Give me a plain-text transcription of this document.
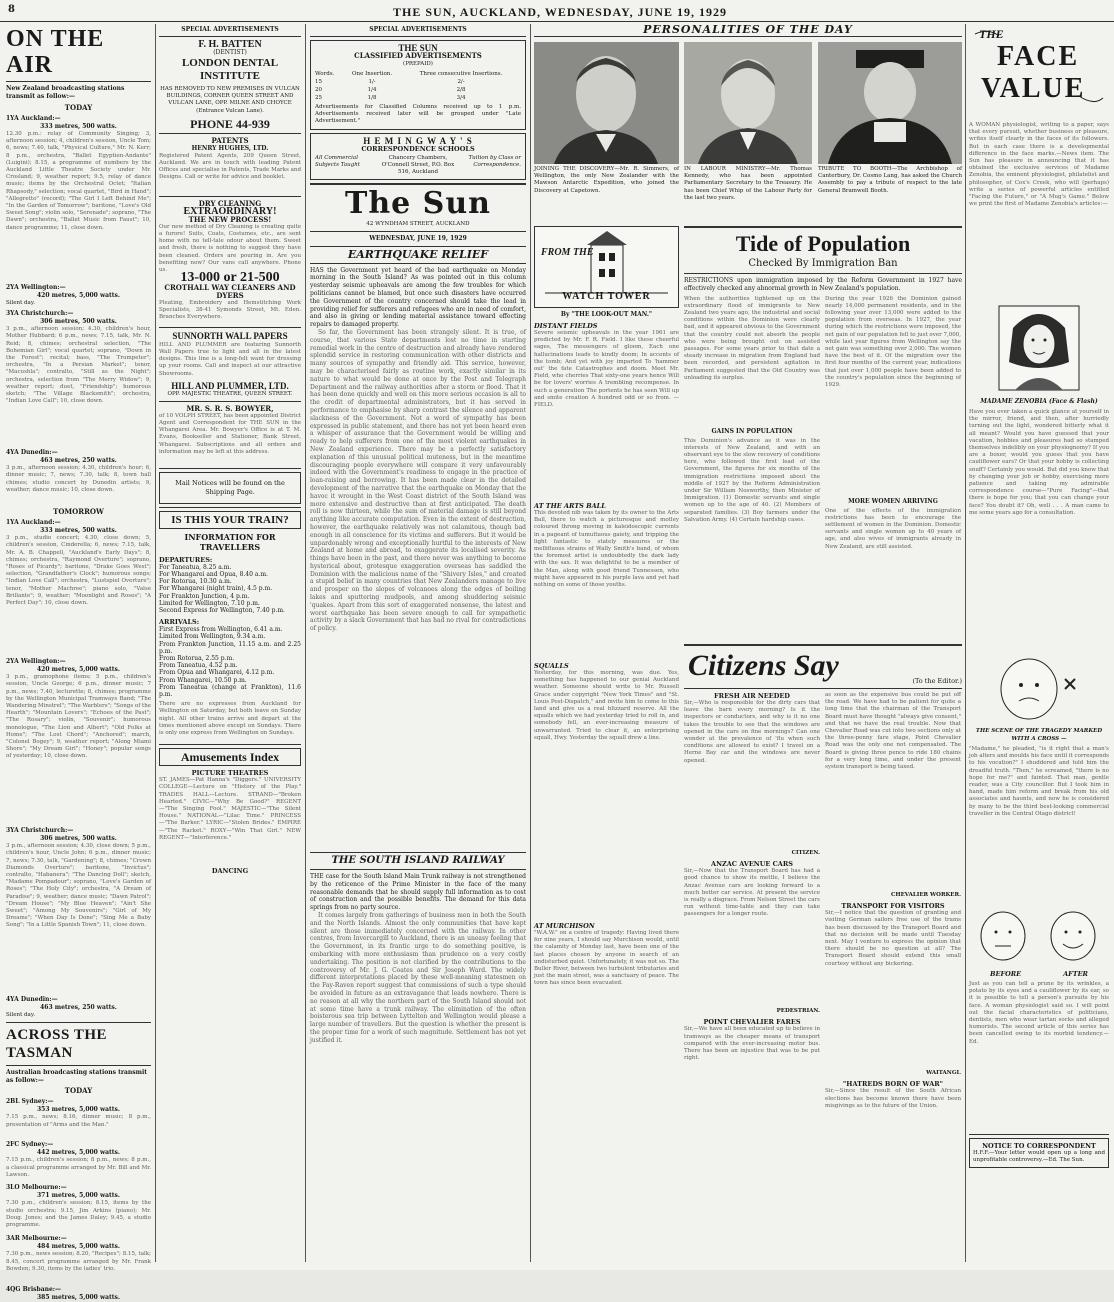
8	THE SUN, AUCKLAND, WEDNESDAY, JUNE 19, 1929
ON THE AIR
New Zealand broadcasting stations transmit as follow:—
TODAY
1YA Auckland:—
333 metres, 500 watts.
12.30 p.m.: relay of Community Singing; 3, afternoon session; 4, children's session, Uncle Tom; 6, news; 7.40, talk, "Physical Culture," Mr. N. Kerr; 8 p.m., orchestra, "Ballet Egyptien-Andante" (Luigini); 8.15, a programme of numbers by the Auckland Little Theatre Society under Mr. Crosland; 9, weather report; 9.5, relay of dance music; items by the Orchestral Octet; "Italian Rhapsody," selection; vocal quartet, "Bird in Hand"; "Allegretto" (record); "The Girl I Left Behind Me"; "In the Garden of Tomorrow"; baritone, "Love's Old Sweet Song"; violin solo, "Serenade"; soprano, "The Dawn"; orchestra, "Ballet Music from Faust"; 10, dance programme; 11, close down.
2YA Wellington:—
420 metres, 5,000 watts.
Silent day.
3YA Christchurch:—
306 metres, 500 watts.
3 p.m., afternoon session; 4.30, children's hour, Mother Hubbard; 6 p.m., news; 7.15, talk, Mr. N. Reid; 8, chimes; orchestral selection, "The Bohemian Girl"; vocal quartet; soprano, "Down in the Forest"; recital; bass, "The Trumpeter"; orchestra, "In a Persian Market"; tenor, "Macushla"; contralto, "Still as the Night"; orchestra, selection from "The Merry Widow"; 9, weather report; duet, "Friendship"; humorous sketch; "The Village Blacksmith"; orchestra, "Indian Love Call"; 10, close down.
4YA Dunedin:—
463 metres, 250 watts.
3 p.m., afternoon session; 4.30, children's hour; 6, dinner music; 7, news; 7.30, talk; 8, town hall chimes; studio concert by Dunedin artists; 9, weather; dance music; 10, close down.
TOMORROW
1YA Auckland:—
333 metres, 500 watts.
3 p.m., studio concert; 4.30, close down; 5, children's session, Cinderella; 6, news; 7.15, talk, Mr. A. B. Chappell, "Auckland's Early Days"; 8, chimes; orchestra, "Raymond Overture"; soprano, "Roses of Picardy"; baritone, "Drake Goes West"; selection, "Grandfather's Clock"; humorous songs; "Indian Love Call"; orchestra, "Lustspiel Overture"; tenor, "Mother Machree"; piano solo, "Valse Brillante"; 9, weather; "Moonlight and Roses"; "A Perfect Day"; 10, close down.
2YA Wellington:—
420 metres, 5,000 watts.
3 p.m., gramophone items; 5 p.m., children's session, Uncle George; 6 p.m., dinner music; 7 p.m., news; 7.40, lecturette; 8, chimes; programme by the Wellington Municipal Tramways Band; "The Wandering Minstrel"; "The Warblers"; "Songs of the Hearth"; "Mountain Lovers"; "Echoes of the Past"; "The Rosary"; violin, "Souvenir"; humorous monologue, "The Lion and Albert"; "Old Folks at Home"; "The Lost Chord"; "Anchored"; march, "Colonel Bogey"; 9, weather report; "Along Miami Shore"; "My Dream Girl"; "Honey"; popular songs of yesterday; 10, close down.
3YA Christchurch:—
306 metres, 500 watts.
3 p.m., afternoon session; 4.30, close down; 5 p.m., children's hour, Uncle John; 6 p.m., dinner music; 7, news; 7.30, talk, "Gardening"; 8, chimes; "Crown Diamonds Overture"; baritone, "Invictus"; contralto, "Habanera"; "The Dancing Doll"; sketch, "Madame Pompadour"; soprano, "Love's Garden of Roses"; "The Holy City"; orchestra, "A Dream of Paradise"; 9, weather; dance music; "Dawn Patrol"; "Dream House"; "My Blue Heaven"; "Ain't She Sweet"; "Among My Souvenirs"; "Girl of My Dreams"; "When Day Is Done"; "Sing Me a Baby Song"; "In a Little Spanish Town"; 11, close down.
4YA Dunedin:—
463 metres, 250 watts.
Silent day.
ACROSS THE TASMAN
Australian broadcasting stations transmit as follow:—
TODAY
2BL Sydney:—
353 metres, 5,000 watts.
7.15 p.m., news; 8.16, dinner music; 8 p.m., presentation of "Arms and the Man."
2FC Sydney:—
442 metres, 5,000 watts.
7.15 p.m., children's session; 8 p.m., news; 8 p.m., a classical programme arranged by Mr. Bill and Mr. Lawson.
3LO Melbourne:—
371 metres, 5,000 watts.
7.30 p.m., children's session; 8.15, items by the studio orchestra; 9.15, Jim Arkins (piano); Mr. Doug. Jones; and the James Daley; 9.45, a studio programme.
3AR Melbourne:—
484 metres, 5,000 watts.
7.30 p.m., news session; 8.20, "Recipes"; 8.15, talk; 8.45, concert programme arranged by Mr. Frank Bowden; 9.30, items by the ladies' trio.
4QG Brisbane:—
385 metres, 5,000 watts.
SPECIAL ADVERTISEMENTS
F. H. BATTEN
(DENTIST)
LONDON DENTAL INSTITUTE
HAS REMOVED TO NEW PREMISES IN VULCAN BUILDINGS, CORNER QUEEN STREET AND VULCAN LANE, OPP. MILNE AND CHOYCE (Entrance Vulcan Lane).
PHONE 44-939
PATENTS
HENRY HUGHES, LTD.
Registered Patent Agents, 209 Queen Street, Auckland. We are in touch with leading Patent Offices and specialise in Patents, Trade Marks and Designs. Call or write for advice and booklet.
DRY CLEANING
EXTRAORDINARY!
THE NEW PROCESS!
Our new method of Dry Cleaning is creating quite a furore! Suits, Coats, Costumes, etc., are sent home with no tell-tale odour about them. Sweet and fresh, there is nothing to suggest they have been cleaned. Orders are pouring in. Are you benefiting now? Our vans call anywhere. Phone us. 13-000 or 21-500
CROTHALL WAY CLEANERS AND DYERS
Pleating, Embroidery and Hemstitching Work Specialists, 38-41 Symonds Street, Mt. Eden. Branches Everywhere.
SUNNORTH WALL PAPERS
HILL AND PLUMMER are featuring Sunnorth Wall Papers true to light and all in the latest designs. This line is a long-felt want for dressing up your rooms. Call and inspect at our attractive Showrooms.
HILL AND PLUMMER, LTD.
OPP. MAJESTIC THEATRE, QUEEN STREET.
MR. S. R. S. BOWYER,
of 10 VOLPH STREET, has been appointed District Agent and Correspondent for THE SUN in the Whangarei Area. Mr. Bowyer's Office is at T. M. Evans, Bookseller and Stationer, Bank Street, Whangarei. Subscriptions and all orders and information may be left at this address.
Mail Notices will be found on the Shipping Page.
IS THIS YOUR TRAIN?
INFORMATION FOR TRAVELLERS
DEPARTURES:
For Taneatua, 8.25 a.m.
For Whangarei and Opua, 8.40 a.m.
For Rotorua, 10.30 a.m.
For Whangarei (night train), 4.5 p.m.
For Frankton Junction, 4 p.m.
Limited for Wellington, 7.10 p.m.
Second Express for Wellington, 7.40 p.m.
ARRIVALS:
First Express from Wellington, 6.41 a.m.
Limited from Wellington, 9.34 a.m.
From Frankton Junction, 11.15 a.m. and 2.25 p.m.
From Rotorua, 2.55 p.m.
From Taneatua, 4.52 p.m.
From Opua and Whangarei, 4.12 p.m.
From Whangarei, 10.50 p.m.
From Taneatua (change at Frankton), 11.6 p.m.
There are no expresses from Auckland for Wellington on Saturday, but both leave on Sunday night. All other trains arrive and depart at the times mentioned above except on Sundays. There is only one express from Wellington on Sundays.
Amusements Index
PICTURE THEATRES
ST. JAMES—Pat Hanna's "Diggers." UNIVERSITY COLLEGE—Lecture on "History of the Play." TRADES HALL—Lecture. STRAND—"Broken Hearted." CIVIC—"Why Be Good?" REGENT—"The Singing Fool." MAJESTIC—"The Silent House." NATIONAL—"Lilac Time." PRINCESS—"The Barker." LYRIC—"Stolen Brides." EMPIRE—"The Racket." ROXY—"Win That Girl." NEW REGENT—"Interference."
DANCING
SPECIAL ADVERTISEMENTS
THE SUN
CLASSIFIED ADVERTISEMENTS
(PREPAID)
Words.	One Insertion.	Three consecutive Insertions.
15	1/-	2/-
20	1/4	2/8
25	1/8	3/4
Advertisements for Classified Columns received up to 1 p.m. Advertisements received later will be grouped under "Late Advertisement."
H E M I N G W A Y ' S
CORRESPONDENCE SCHOOLS
All Commercial Subjects Taught
Chancery Chambers, O'Connell Street, P.O. Box 516, Auckland
Tuition by Class or Correspondence.
The Sun
42 WYNDHAM STREET, AUCKLAND
WEDNESDAY, JUNE 19, 1929
EARTHQUAKE RELIEF
HAS the Government yet heard of the bad earthquake on Monday morning in the South Island? As was pointed out in this column yesterday seismic upheavals are among the few troubles for which politicians cannot be blamed, but once such disasters have occurred the Government of the country concerned should take the lead in providing relief for sufferers and refugees who are in need of comfort, and also in giving or lending material assistance toward effecting repairs to damaged property.
So far, the Government has been strangely silent. It is true, of course, that various State departments lost no time in starting remedial work in the centre of destruction and already have rendered splendid service in restoring communication with other districts and many sources of sympathy and friendly aid. This service, however, may be characterised fairly as routine work, exactly similar in its nature to what would be done at once by the Post and Telegraph Department and the railway authorities after a storm or flood. That it has been done quickly and well on this more serious occasion is all to the credit of departmental administrators, but it has served in performance to emphasise by sharp contrast the silence and apparent slackness of the Government. Not a word of sympathy has been expressed in public statement, and there has not yet been heard even a whisper of assurance that the Government would be willing and ready to help sufferers from one of the most violent earthquakes in New Zealand experience. There may be a perfectly satisfactory explanation of this unusual political muteness, but in the meantime discouraging people everywhere will compare it very unfavourably indeed with the Government's readiness to engage in the practice of loan-raising and borrowing. It has been made clear in the detailed development of the narrative that the earthquake on Monday that the havoc it wrought in the West Coast district of the South Island was more extensive and destructive than at first anticipated. The death roll is now thirteen, while the sum of material damage is still beyond anything like accurate computation. Even in the extent of destruction, however, the earthquake relatively was not calamitous, though bad enough in all conscience for its victims and sufferers. But it would be unpardonably wrong and exceptionally hurtful to the interests of New Zealand at home and abroad, to exaggerate its localised severity. As things have been in the past, and there never was anything to become hysterical about, grotesque exaggeration overseas has saddled the Dominion with the malicious name of the "Shivery Isles," and created a stupid belief in many countries that New Zealanders manage to live and prosper on the slopes of volcanoes along the edges of boiling lakes and sputtering mudpools, and among shuddering seismic 'quakes. Apart from this sort of exaggerated nonsense, the latest and worst earthquake has been severe enough to call for sympathetic activity by a slack Government that has had no rival for contradictions of policy.
THE SOUTH ISLAND RAILWAY
THE case for the South Island Main Trunk railway is not strengthened by the reticence of the Prime Minister in the face of the many reasonable demands that he should supply full information as to cost of construction and the possible benefits. The demand for this data springs from no party source.
It comes largely from gatherings of business men in both the South and the North Islands. Almost the only communities that have kept silent are those immediately concerned with the railway. In other centres, from Invercargill to Auckland, there is an uneasy feeling that the Government, in its frantic urge to do something positive, is embarking with more enthusiasm than prudence on a very costly undertaking. The position is not clarified by the contributions to the controversy of Mr. J. G. Coates and Sir Joseph Ward. The widely different interpretations placed by these well-meaning statesmen on the Fay-Raven report suggest that commissions of such a type should be avoided in future as an extravagance that leads nowhere. There is no reason at all why the northern part of the South Island should not at some time have a trunk railway. The elimination of the often boisterous sea trip between Lyttelton and Wellington would please a large number of travellers. But the question is whether the present is the proper time for a work of such magnitude. Settlement has not yet justified it.
PERSONALITIES OF THE DAY
JOINING THE DISCOVERY—Mr. R. Simmers, of Wellington, the only New Zealander with the Mawson Antarctic Expedition, who joined the Discovery at Capetown.
IN LABOUR MINISTRY—Mr. Thomas Kennedy, who has been appointed Parliamentary Secretary to the Treasury. He has been Chief Whip of the Labour Party for the last two years.
TRIBUTE TO BOOTH—The Archbishop of Canterbury, Dr. Cosmo Lang, has asked the Church Assembly to pay a tribute of respect to the late General Bramwell Booth.
FROM THE
WATCH TOWER
By "THE LOOK-OUT MAN."
DISTANT FIELDS
Severe seismic upheavals in the year 1961 are predicted by Mr. F. R. Field. I like these cheerful sages, The messengers of gloom, Each one hallucinations leads to kindly doom; In accents of the tomb; And yet with joy imparted To 'hammer out' the fate Catastrophes and doom. Meet Mr. Field, who cherries That sixty-one years hence Will be for lovers' worries A trembling recompense. In such a generation The portents he has seen Will up and smite creation A hundred odd or so from. — FIELD.
AT THE ARTS BALL
This devoted nib was taken by its owner to the Arts Ball, there to watch a picturesque and motley coloured throng moving in kaleidoscopic currents in a pageant of tumultuous gaiety, and tripping the light fantastic to stately measures or the mellifluous strains of Wally Smith's band, of whom the foremost artist is undoubtedly the dark lady with the sax. It was delightful to be a member of the Man, along with good friend Tunnessen, who might have appeared in his purple lava and yet had nothing on some of those youths.
SQUALLS
Yesterday, for this morning, was due. Yes, something has happened to our genial Auckland weather. Someone should write to Mr. Russell Grace under copyright "New York Times" and "St. Louis Post-Dispatch," and invite him to come to this land and give us a real blizzard reserve. All the squalls which we had yesterday tried to roll in, and somebody fell, an ever-increasing measure of unwarranted. Tried to clear it, an enterprising squall, Hwy. Yesterday the squall drew a line.
AT MURCHISON
"W.A.W." on a centre of tragedy: Having lived there for nine years, I should say Murchison would, until the calamity of Monday last, have been one of the last places chosen by anyone in search of an undisturbed quiet. Unfortunately, it was not so. The Buller River, between two turbulent tributaries and just the main street, was a sanctuary of peace. The town has since been evacuated.
Tide of Population
Checked By Immigration Ban
RESTRICTIONS upon immigration imposed by the Reform Government in 1927 have effectively checked any abnormal growth in New Zealand's population.
When the authorities tightened up on the extraordinary flood of immigrants to New Zealand two years ago, the industrial and social conditions within the Dominion were clearly bad, and it appeared obvious to the Government that the country could not absorb the people who were being brought out on assisted passages. For some years prior to that date a steady increase in migration from England had been recorded, and persistent agitation in Parliament suggested that the Old Country was unloading its surplus.
GAINS IN POPULATION
This Dominion's advance as it was in the interests of New Zealand, and with an observant eye to the slow recovery of conditions here, who followed the first lead of the Government, the figures for six months of the immigration restrictions imposed about the middle of 1927 by the Reform Administration under Sir William Nosworthy, then Minister of Immigration. (1) Domestic servants and single women up to the age of 40. (2) Members of separated families. (3) Boy farmers under the Salvation Army. (4) Certain hardship cases.
During the year 1926 the Dominion gained nearly 14,000 permanent residents, and in the following year over 13,000 were added to the population from overseas. In 1927, the year during which the restrictions were imposed, the net gain of our population fell to just over 7,000, while last year figures from Wellington say the net gain was something over 2,000. The women have the best of it. Of the migration over the first four months of the current year, indications that just over 1,000 people have been added to the country's population since the beginning of 1929.
MORE WOMEN ARRIVING
One of the effects of the immigration restrictions has been to encourage the settlement of women in the Dominion. Domestic servants and single women up to 40 years of age, and also wives of immigrants already in New Zealand, are still assisted.
Citizens Say	(To the Editor.)
FRESH AIR NEEDED
Sir,—Who is responsible for the dirty cars that leave the barn every morning? Is it the inspectors or conductors, and why is it no one takes the trouble to see that the windows are opened in the cars on fine mornings? Can one wonder at the prevalence of 'flu when such conditions are allowed to exist? I travel on a Herne Bay car and the windows are never opened.
CITIZEN.
ANZAC AVENUE CARS
Sir,—Now that the Transport Board has had a good chance to show its mettle, I believe the Anzac Avenue cars are looking forward to a much better car service. At present the service is really a disgrace. From Nelson Street the cars run without time-table and they can take passengers for a longer route.
PEDESTRIAN.
POINT CHEVALIER FARES
Sir,—We have all been educated up to believe in tramways as the cheaper means of transport compared with the ever-increasing motor bus. There has been an injustice that was to be put right.
as soon as the expensive bus could be put off the road. We have had to be patient for quite a long time that the chairman of the Transport Board must have thought "always give consent," and that we have the real trouble. Now that Chevalier Road was cut into two sections only at the three-penny fare stage, Point Chevalier Road was the only one not compensated. The Board is giving three pence to ride 180 chains for a very long time, and under the present system transport is being taxed.
CHEVALIER WORKER.
TRANSPORT FOR VISITORS
Sir,—I notice that the question of granting and visiting German sailors free use of the trams has been discussed by the Transport Board and that no decision will be made until Tuesday next. May I venture to express the opinion that there should be no question at all? The Transport Board should extend this small courtesy without any bickering.
WAITANGI.
"HATREDS BORN OF WAR"
Sir,—Since the result of the South African elections has become known there have been misgivings as to the future of the Union.
THE
FACE
VALUE
A WOMAN physiologist, writing to a paper, says that every pursuit, whether business or pleasure, writes itself clearly in the faces of its followers. But in each case there is a developmental difference in the face marks.—News item. The Sun has pleasure in announcing that it has obtained the exclusive services of Madame Zenobia, the eminent physiologist, philatelist and philosopher, of Cox's Creek, who will (perhaps) write a series of powerful articles entitled "Facing the Future," or "A Mug's Game." Below we print the first of Madame Zenobia's articles:—
MADAME ZENOBIA (Face & Flash)
Have you ever taken a quick glance at yourself in the mirror, friend, and then, after hurriedly turning out the light, wondered bitterly what it all meant? Would you have guessed that your vacation, hobbies and pleasures had so stamped themselves indelibly on your physiognomy? If you are a boxer, would you guess that you have cauliflower ears? Or that your hobby is collecting snuff? Certainly you would. But did you know that by changing your job or hobby, exercising more patience and taking my admirable correspondence course—"Pure Facing"—that there is hope for you; that you can change your face? You doubt it? Oh, well . . . A man came to me some years ago for a consultation.
THE SCENE OF THE TRAGEDY MARKED WITH A CROSS —
"Madame," he pleaded, "is it right that a man's job alters and moulds his face until it corresponds to his vocation?" I shuddered and told him the dreadful truth. "Then," he screamed, "there is no hope for me?" and fainted. That man, gentle reader, was a City councillor. But I took him in hand, made him reform and break from his old associates and haunts, and now he is considered by many to be the third best-looking commercial traveller in the Central Otago district!
BEFORE	AFTER
Just as you can tell a prune by its wrinkles, a potato by its eyes and a cauliflower by its ear, so it is possible to tell a person's pursuits by his face. A woman physiologist said so. I will point out the facial characteristics of politicians, dentists, men who wear tartan socks and alleged humorists. The second article of this series has been cancelled owing to its morbid tendency.—Ed.
NOTICE TO CORRESPONDENT
H.F.F.—Your letter would open up a long and unprofitable controversy.—Ed. The Sun.
